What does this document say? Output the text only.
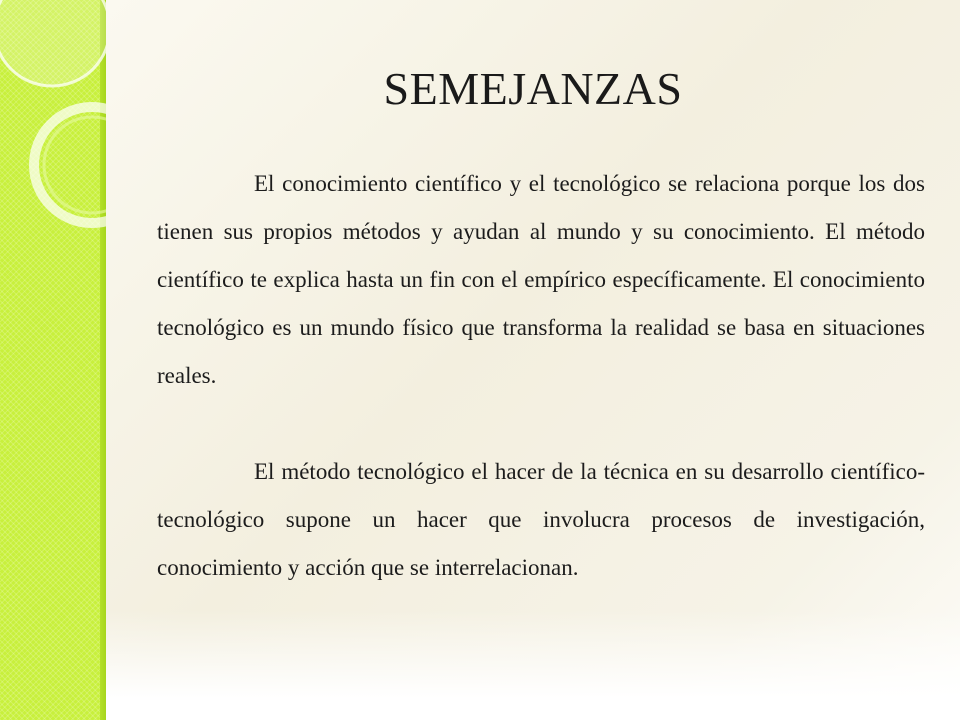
SEMEJANZAS

El conocimiento científico y el tecnológico se relaciona porque los dos tienen sus propios métodos y ayudan al mundo y su conocimiento. El método científico te explica hasta un fin con el empírico específicamente. El conocimiento tecnológico es un mundo físico que transforma la realidad se basa en situaciones reales.

El método tecnológico el hacer de la técnica en su desarrollo científico- tecnológico supone un hacer que involucra procesos de investigación, conocimiento y acción que se interrelacionan.
